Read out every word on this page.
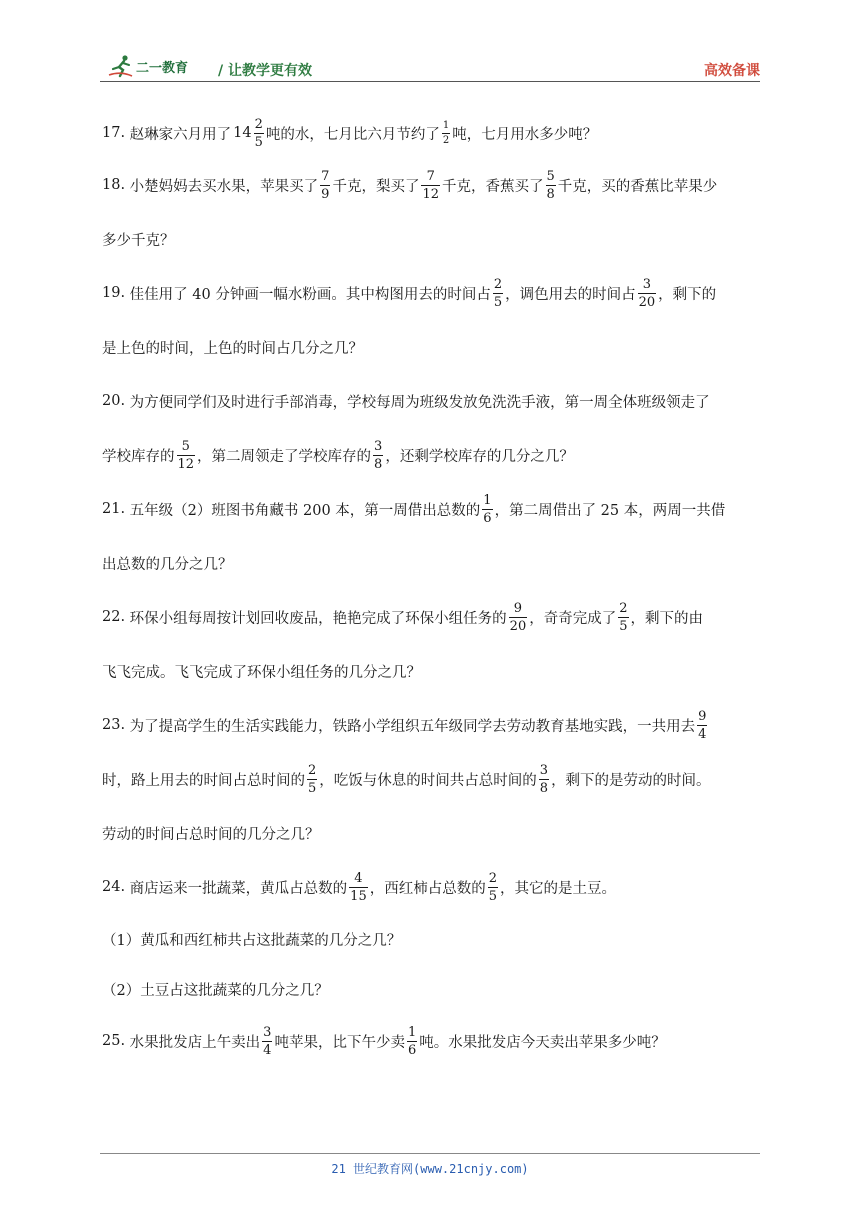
二一教育 / 让教学更有效	高效备课
17.
赵琳家六月用了 $14 \frac{2}{5}$ 吨的水，七月比六月节约了 $\frac{1}{2}$ 吨，七月用水多少吨？
18.
小楚妈妈去买水果，苹果买了 $\frac{7}{9}$ 千克，梨买了 $\frac{7}{12}$ 千克，香蕉买了 $\frac{5}{8}$ 千克，买的香蕉比苹果少
多少千克？
19.
佳佳用了 40 分钟画一幅水粉画。其中构图用去的时间占 $\frac{2}{5}$ ，调色用去的时间占 $\frac{3}{20}$ ，剩下的
是上色的时间，上色的时间占几分之几？
20.
为方便同学们及时进行手部消毒，学校每周为班级发放免洗洗手液，第一周全体班级领走了
学校库存的 $\frac{5}{12}$ ，第二周领走了学校库存的 $\frac{3}{8}$ ，还剩学校库存的几分之几？
21.
五年级（2）班图书角藏书 200 本，第一周借出总数的 $\frac{1}{6}$ ，第二周借出了 25 本，两周一共借
出总数的几分之几？
22.
环保小组每周按计划回收废品，艳艳完成了环保小组任务的 $\frac{9}{20}$ ，奇奇完成了 $\frac{2}{5}$ ，剩下的由
飞飞完成。飞飞完成了环保小组任务的几分之几？
23.
为了提高学生的生活实践能力，铁路小学组织五年级同学去劳动教育基地实践，一共用去 $\frac{9}{4}$
时，路上用去的时间占总时间的 $\frac{2}{5}$ ，吃饭与休息的时间共占总时间的 $\frac{3}{8}$ ，剩下的是劳动的时间。
劳动的时间占总时间的几分之几？
24.
商店运来一批蔬菜，黄瓜占总数的 $\frac{4}{15}$ ，西红柿占总数的 $\frac{2}{5}$ ，其它的是土豆。
（1）黄瓜和西红柿共占这批蔬菜的几分之几？
（2）土豆占这批蔬菜的几分之几？
25.
水果批发店上午卖出 $\frac{3}{4}$ 吨苹果，比下午少卖 $\frac{1}{6}$ 吨。水果批发店今天卖出苹果多少吨？
21 世纪教育网(www.21cnjy.com)
